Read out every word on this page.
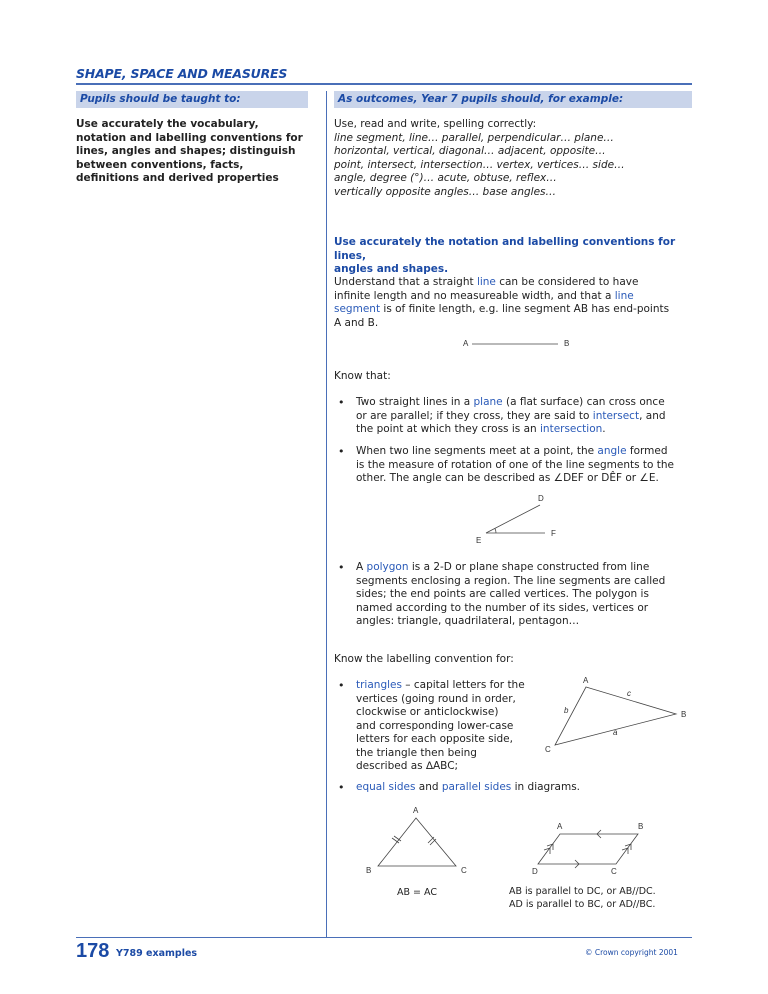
SHAPE, SPACE AND MEASURES
Pupils should be taught to:	As outcomes, Year 7 pupils should, for example:
Use accurately the vocabulary, notation and labelling conventions for lines, angles and shapes; distinguish between conventions, facts, definitions and derived properties
Use, read and write, spelling correctly:
line segment, line… parallel, perpendicular… plane…
horizontal, vertical, diagonal… adjacent, opposite…
point, intersect, intersection… vertex, vertices… side…
angle, degree (°)… acute, obtuse, reflex…
vertically opposite angles… base angles…
Use accurately the notation and labelling conventions for lines,
angles and shapes.
Understand that a straight line can be considered to have
infinite length and no measureable width, and that a line
segment is of finite length, e.g. line segment AB has end-points
A and B.
A	B
Know that:
• Two straight lines in a plane (a flat surface) can cross once
or are parallel; if they cross, they are said to intersect, and
the point at which they cross is an intersection.
• When two line segments meet at a point, the angle formed
is the measure of rotation of one of the line segments to the
other. The angle can be described as ∠DEF or DÊF or ∠E.
D
E
F
• A polygon is a 2-D or plane shape constructed from line
segments enclosing a region. The line segments are called
sides; the end points are called vertices. The polygon is
named according to the number of its sides, vertices or
angles: triangle, quadrilateral, pentagon…
Know the labelling convention for:
• triangles – capital letters for the
vertices (going round in order,
clockwise or anticlockwise)
and corresponding lower-case
letters for each opposite side,
the triangle then being
described as ∆ABC;
A
B
C
c
b
a
• equal sides and parallel sides in diagrams.
A
B	C
AB = AC
A	B
C
D
AB is parallel to DC, or AB//DC.
AD is parallel to BC, or AD//BC.
178 Y789 examples	© Crown copyright 2001
